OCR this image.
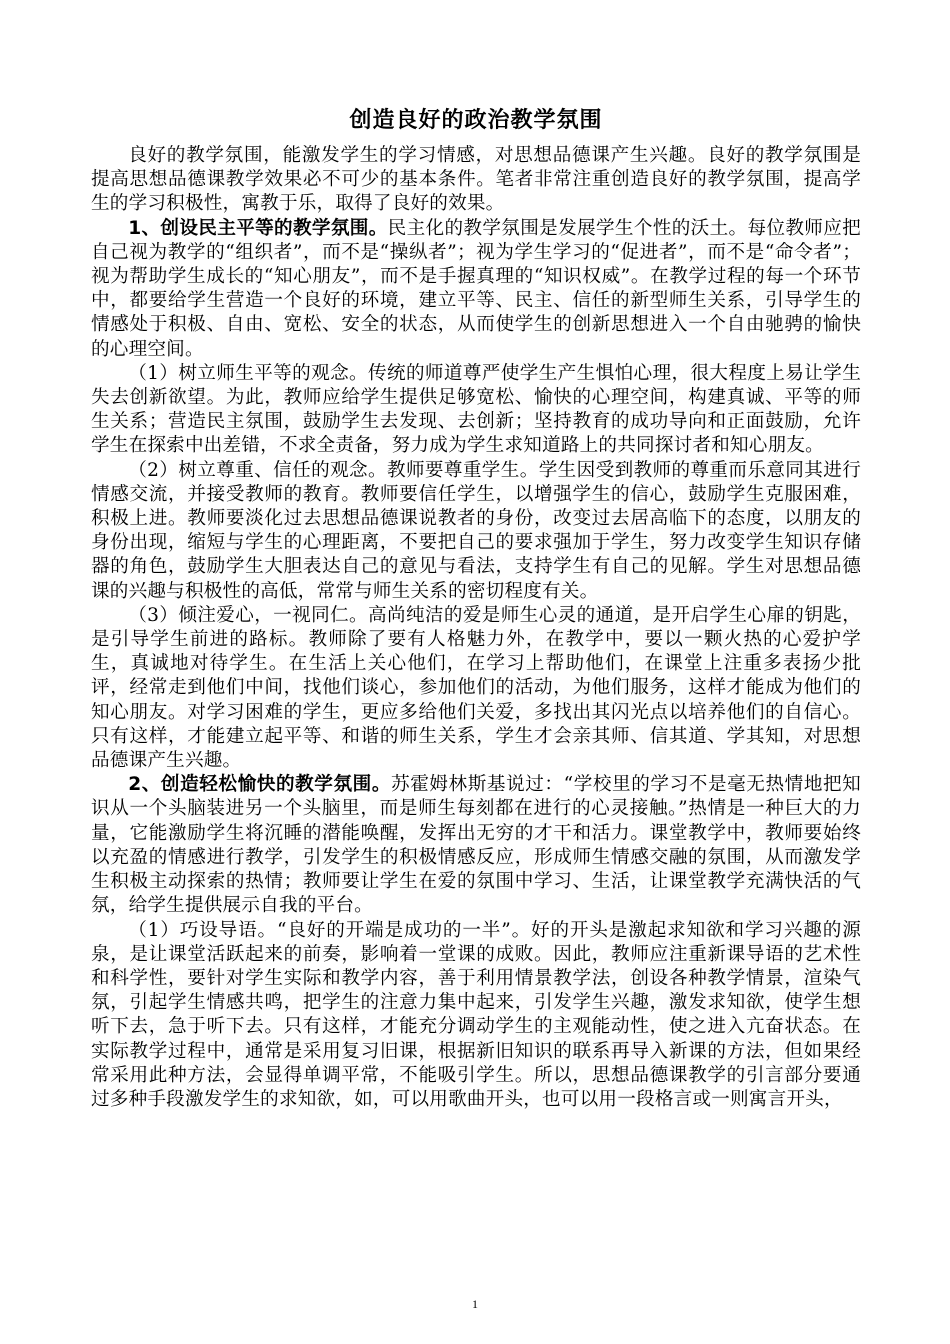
创造良好的政治教学氛围

良好的教学氛围，能激发学生的学习情感，对思想品德课产生兴趣。良好的教学氛围是提高思想品德课教学效果必不可少的基本条件。笔者非常注重创造良好的教学氛围，提高学生的学习积极性，寓教于乐，取得了良好的效果。

1、创设民主平等的教学氛围。民主化的教学氛围是发展学生个性的沃土。每位教师应把自己视为教学的“组织者”，而不是“操纵者”；视为学生学习的“促进者”，而不是“命令者”；视为帮助学生成长的“知心朋友”，而不是手握真理的“知识权威”。在教学过程的每一个环节中，都要给学生营造一个良好的环境，建立平等、民主、信任的新型师生关系，引导学生的情感处于积极、自由、宽松、安全的状态，从而使学生的创新思想进入一个自由驰骋的愉快的心理空间。

（1）树立师生平等的观念。传统的师道尊严使学生产生惧怕心理，很大程度上易让学生失去创新欲望。为此，教师应给学生提供足够宽松、愉快的心理空间，构建真诚、平等的师生关系；营造民主氛围，鼓励学生去发现、去创新；坚持教育的成功导向和正面鼓励，允许学生在探索中出差错，不求全责备，努力成为学生求知道路上的共同探讨者和知心朋友。

（2）树立尊重、信任的观念。教师要尊重学生。学生因受到教师的尊重而乐意同其进行情感交流，并接受教师的教育。教师要信任学生，以增强学生的信心，鼓励学生克服困难，积极上进。教师要淡化过去思想品德课说教者的身份，改变过去居高临下的态度，以朋友的身份出现，缩短与学生的心理距离，不要把自己的要求强加于学生，努力改变学生知识存储器的角色，鼓励学生大胆表达自己的意见与看法，支持学生有自己的见解。学生对思想品德课的兴趣与积极性的高低，常常与师生关系的密切程度有关。

（3）倾注爱心，一视同仁。高尚纯洁的爱是师生心灵的通道，是开启学生心扉的钥匙，是引导学生前进的路标。教师除了要有人格魅力外，在教学中，要以一颗火热的心爱护学生，真诚地对待学生。在生活上关心他们，在学习上帮助他们，在课堂上注重多表扬少批评，经常走到他们中间，找他们谈心，参加他们的活动，为他们服务，这样才能成为他们的知心朋友。对学习困难的学生，更应多给他们关爱，多找出其闪光点以培养他们的自信心。只有这样，才能建立起平等、和谐的师生关系，学生才会亲其师、信其道、学其知，对思想品德课产生兴趣。

2、创造轻松愉快的教学氛围。苏霍姆林斯基说过：“学校里的学习不是毫无热情地把知识从一个头脑装进另一个头脑里，而是师生每刻都在进行的心灵接触。”热情是一种巨大的力量，它能激励学生将沉睡的潜能唤醒，发挥出无穷的才干和活力。课堂教学中，教师要始终以充盈的情感进行教学，引发学生的积极情感反应，形成师生情感交融的氛围，从而激发学生积极主动探索的热情；教师要让学生在爱的氛围中学习、生活，让课堂教学充满快活的气氛，给学生提供展示自我的平台。

（1）巧设导语。“良好的开端是成功的一半”。好的开头是激起求知欲和学习兴趣的源泉，是让课堂活跃起来的前奏，影响着一堂课的成败。因此，教师应注重新课导语的艺术性和科学性，要针对学生实际和教学内容，善于利用情景教学法，创设各种教学情景，渲染气氛，引起学生情感共鸣，把学生的注意力集中起来，引发学生兴趣，激发求知欲，使学生想听下去，急于听下去。只有这样，才能充分调动学生的主观能动性，使之进入亢奋状态。在实际教学过程中，通常是采用复习旧课，根据新旧知识的联系再导入新课的方法，但如果经常采用此种方法，会显得单调平常，不能吸引学生。所以，思想品德课教学的引言部分要通过多种手段激发学生的求知欲，如，可以用歌曲开头，也可以用一段格言或一则寓言开头，

1
